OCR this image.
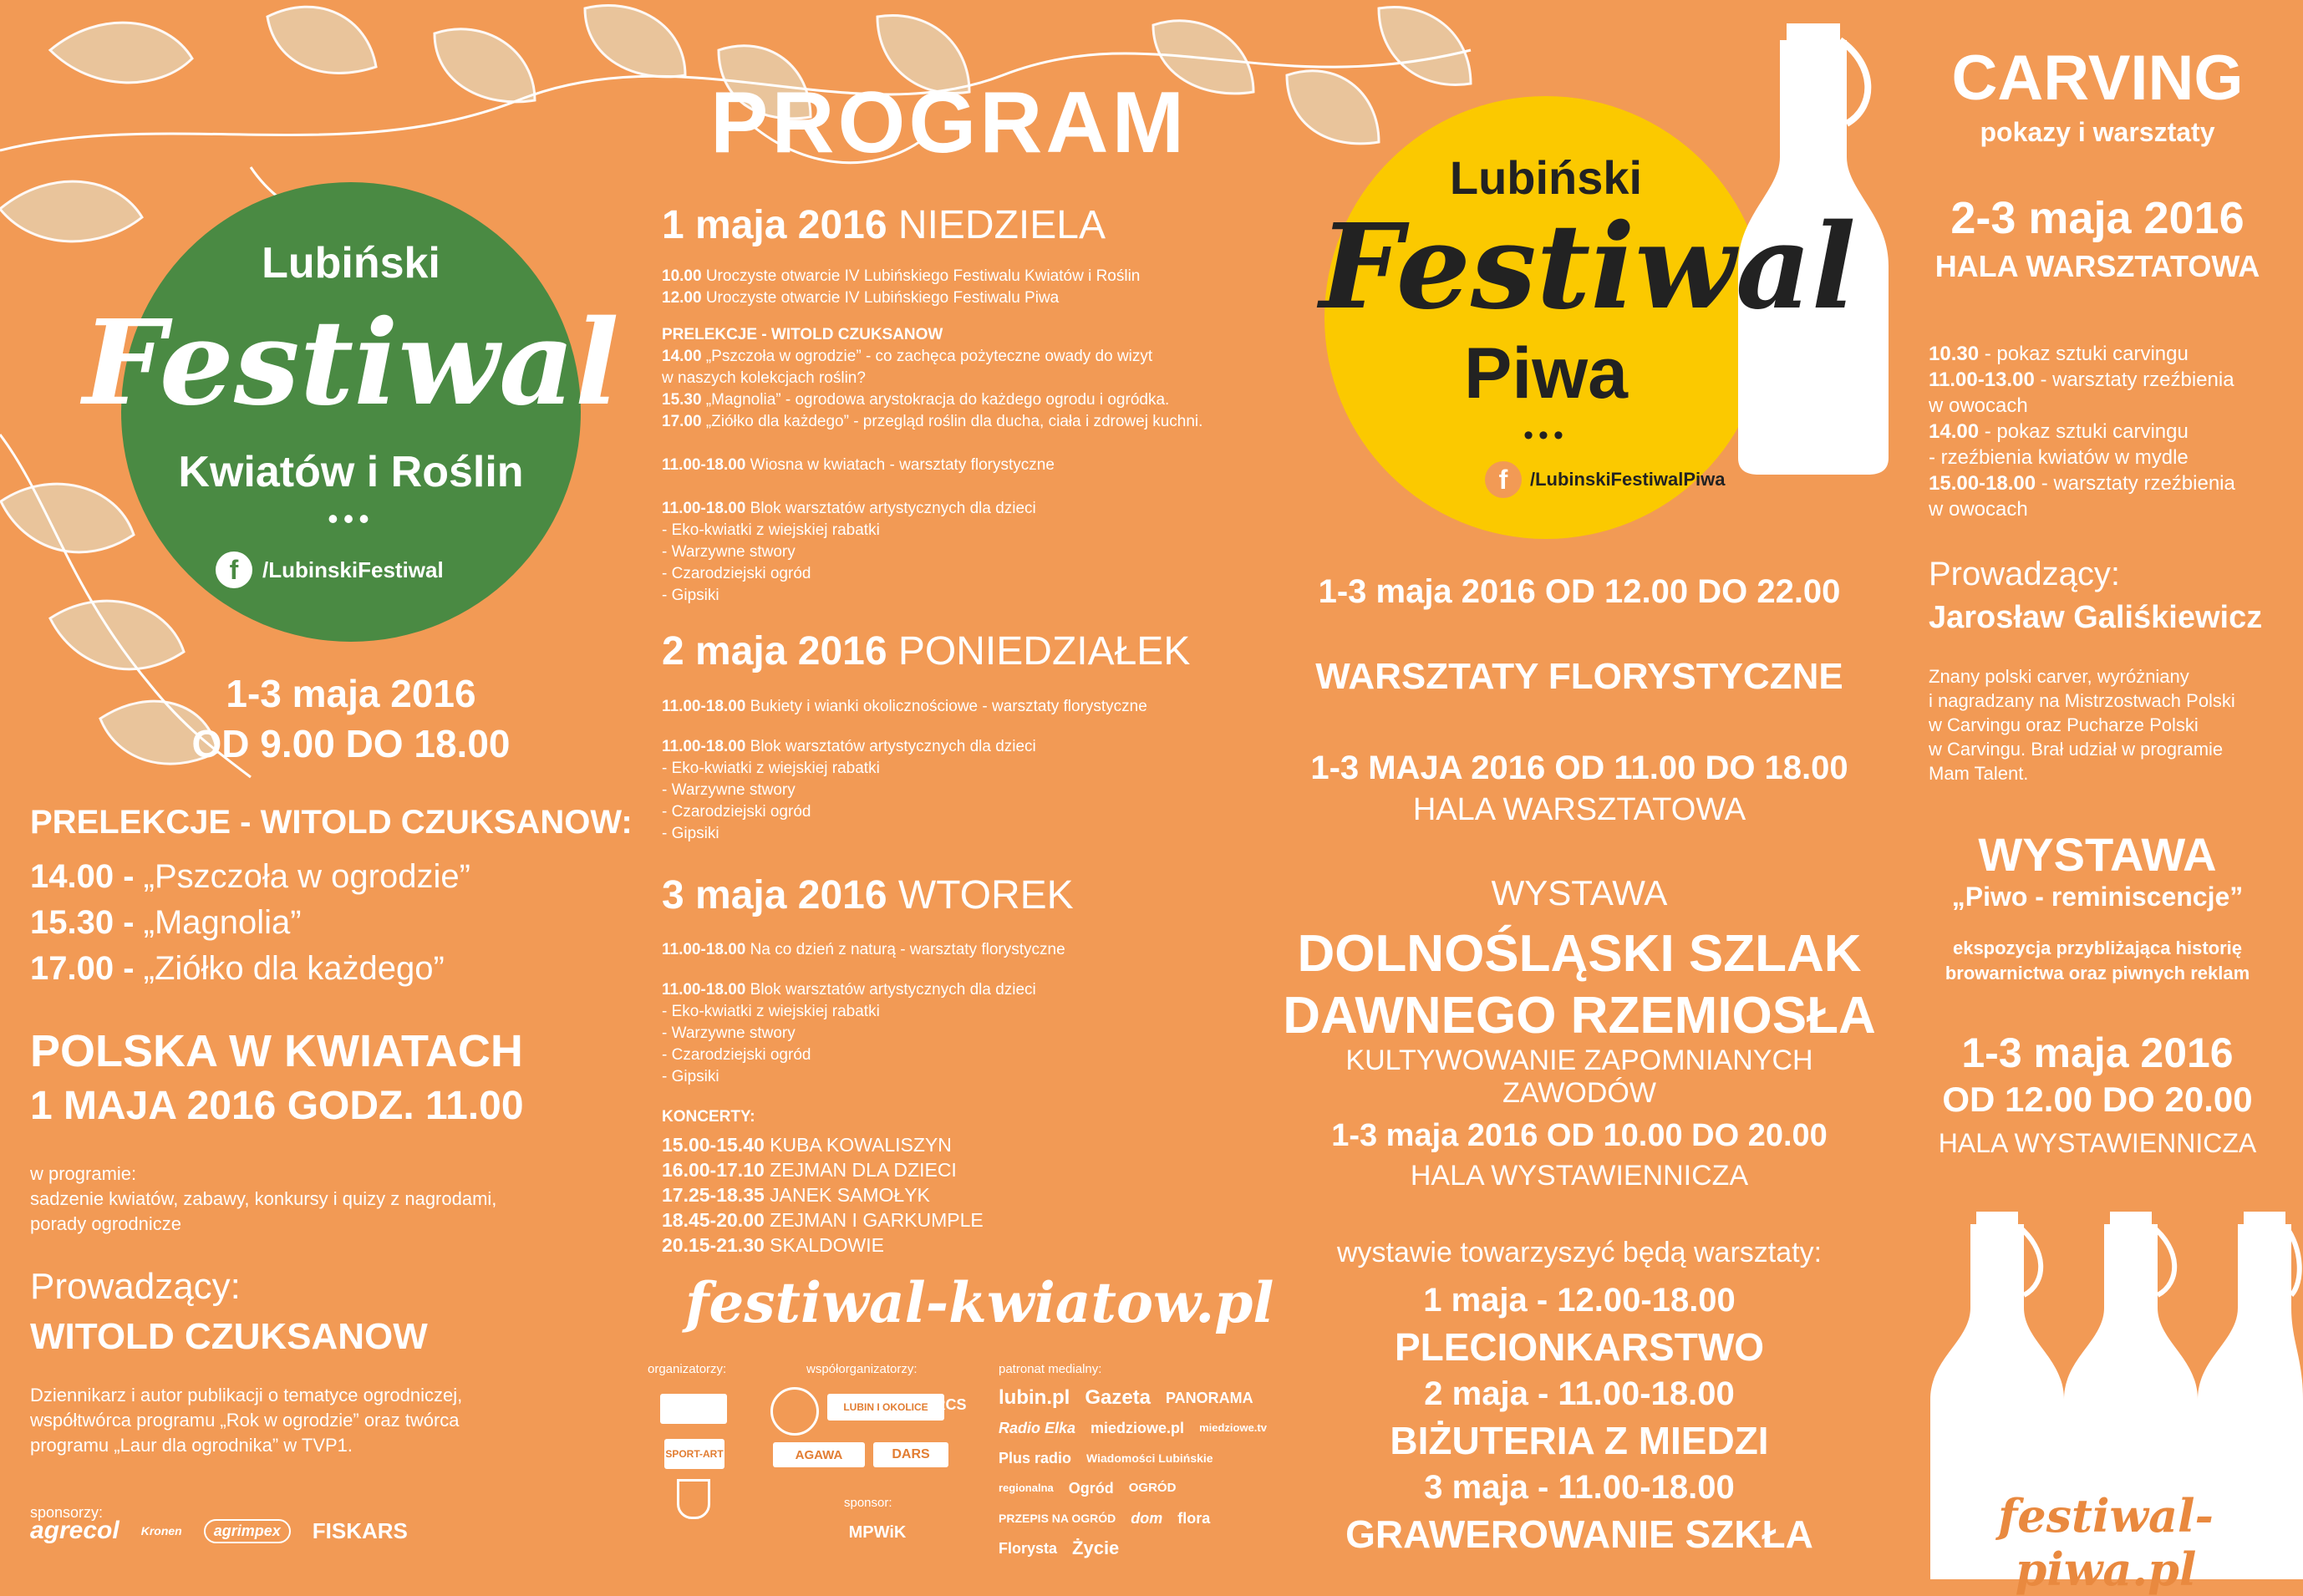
Lubiński
Festiwal
Kwiatów i Roślin
•••
f	/LubinskiFestiwal
1-3 maja 2016
OD 9.00 DO 18.00
PRELEKCJE - WITOLD CZUKSANOW:
14.00 - „Pszczoła w ogrodzie”
15.30 - „Magnolia”
17.00 - „Ziółko dla każdego”
POLSKA W KWIATACH
1 MAJA 2016 GODZ. 11.00
w programie:
sadzenie kwiatów, zabawy, konkursy i quizy z nagrodami,
porady ogrodnicze
Prowadzący:
WITOLD CZUKSANOW
Dziennikarz i autor publikacji o tematyce ogrodniczej,
współtwórca programu „Rok w ogrodzie” oraz twórca
programu „Laur dla ogrodnika” w TVP1.
sponsorzy:
agrecol Kronen	agrimpex	FISKARS
PROGRAM
1 maja 2016 NIEDZIELA
10.00 Uroczyste otwarcie IV Lubińskiego Festiwalu Kwiatów i Roślin
12.00 Uroczyste otwarcie IV Lubińskiego Festiwalu Piwa
PRELEKCJE - WITOLD CZUKSANOW
14.00 „Pszczoła w ogrodzie” - co zachęca pożyteczne owady do wizyt
w naszych kolekcjach roślin?
15.30 „Magnolia” - ogrodowa arystokracja do każdego ogrodu i ogródka.
17.00 „Ziółko dla każdego” - przegląd roślin dla ducha, ciała i zdrowej kuchni.
11.00-18.00 Wiosna w kwiatach - warsztaty florystyczne
11.00-18.00 Blok warsztatów artystycznych dla dzieci
- Eko-kwiatki z wiejskiej rabatki
- Warzywne stwory
- Czarodziejski ogród
- Gipsiki
2 maja 2016 PONIEDZIAŁEK
11.00-18.00 Bukiety i wianki okolicznościowe - warsztaty florystyczne
11.00-18.00 Blok warsztatów artystycznych dla dzieci
- Eko-kwiatki z wiejskiej rabatki
- Warzywne stwory
- Czarodziejski ogród
- Gipsiki
3 maja 2016 WTOREK
11.00-18.00 Na co dzień z naturą - warsztaty florystyczne
11.00-18.00 Blok warsztatów artystycznych dla dzieci
- Eko-kwiatki z wiejskiej rabatki
- Warzywne stwory
- Czarodziejski ogród
- Gipsiki
KONCERTY:
15.00-15.40 KUBA KOWALISZYN
16.00-17.10 ZEJMAN DLA DZIECI
17.25-18.35 JANEK SAMOŁYK
18.45-20.00 ZEJMAN I GARKUMPLE
20.15-21.30 SKALDOWIE
festiwal-kwiatow.pl
organizatorzy:	współorganizatorzy:	patronat medialny:
sponsor:
SPORT-ART
LUBIN I OKOLICE
AGAWA	DARS
RCS
MPWiK
lubin.pl Gazeta PANORAMA
Radio Elka miedziowe.pl miedziowe.tv
Plus radio Wiadomości Lubińskie
regionalna Ogród OGRÓD
PRZEPIS NA OGRÓD dom flora
Florysta Życie
Lubiński
Festiwal
Piwa
•••
f	/LubinskiFestiwalPiwa
1-3 maja 2016 OD 12.00 DO 22.00
WARSZTATY FLORYSTYCZNE
1-3 MAJA 2016 OD 11.00 DO 18.00
HALA WARSZTATOWA
WYSTAWA
DOLNOŚLĄSKI SZLAK
DAWNEGO RZEMIOSŁA
KULTYWOWANIE ZAPOMNIANYCH ZAWODÓW
1-3 maja 2016 OD 10.00 DO 20.00
HALA WYSTAWIENNICZA
wystawie towarzyszyć będą warsztaty:
1 maja - 12.00-18.00
PLECIONKARSTWO
2 maja - 11.00-18.00
BIŻUTERIA Z MIEDZI
3 maja - 11.00-18.00
GRAWEROWANIE SZKŁA
CARVING
pokazy i warsztaty
2-3 maja 2016
HALA WARSZTATOWA
10.30 - pokaz sztuki carvingu
11.00-13.00 - warsztaty rzeźbienia
w owocach
14.00 - pokaz sztuki carvingu
- rzeźbienia kwiatów w mydle
15.00-18.00 - warsztaty rzeźbienia
w owocach
Prowadzący:
Jarosław Galiśkiewicz
Znany polski carver, wyróżniany
i nagradzany na Mistrzostwach Polski
w Carvingu oraz Pucharze Polski
w Carvingu. Brał udział w programie
Mam Talent.
WYSTAWA
„Piwo - reminiscencje”
ekspozycja przybliżająca historię
browarnictwa oraz piwnych reklam
1-3 maja 2016
OD 12.00 DO 20.00
HALA WYSTAWIENNICZA
festiwal-piwa.pl
